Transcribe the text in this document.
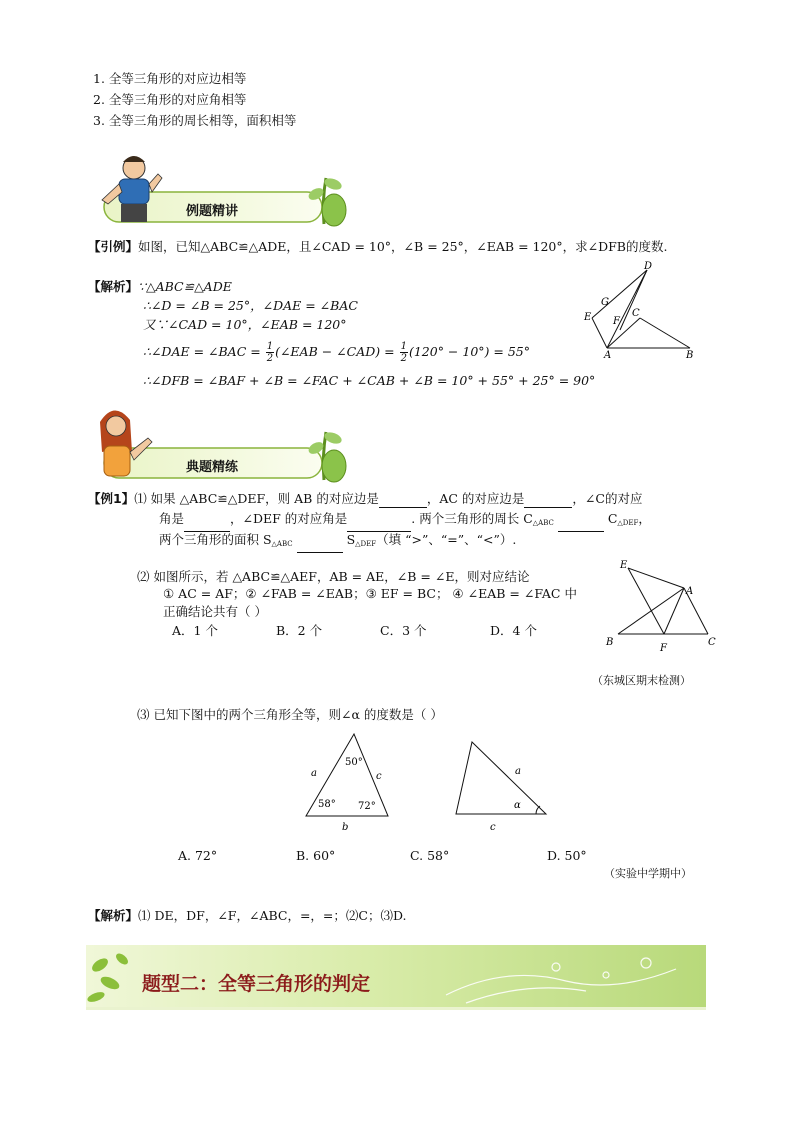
1. 全等三角形的对应边相等
2. 全等三角形的对应角相等
3. 全等三角形的周长相等，面积相等
例题精讲
【引例】如图，已知△ABC≌△ADE，且∠CAD = 10°，∠B = 25°，∠EAB = 120°，求∠DFB的度数.
【解析】∵△ABC≌△ADE
∴∠D = ∠B = 25°，∠DAE = ∠BAC
又∵∠CAD = 10°，∠EAB = 120°
∴∠DAE = ∠BAC = $\frac{1}{2}$ (∠EAB − ∠CAD) = $\frac{1}{2} (120^\circ - 10^\circ) = 55^\circ$
∴∠DFB = ∠BAF + ∠B = ∠FAC + ∠CAB + ∠B = 10° + 55° + 25° = 90°
D
G
E F
C
A	B
典题精练
【例1】⑴ 如果 △ABC≌△DEF，则 AB 的对应边是	，AC 的对应边是	，∠C的对应
角是	，∠DEF 的对应角是	. 两个三角形的周长 $C_{\triangle ABC}$	$C_{\triangle DEF}$，
两个三角形的面积 $S_{\triangle ABC}$	$S_{\triangle DEF}$（填 “>”、“=”、“<”）.
⑵ 如图所示，若 △ABC≌△AEF，AB = AE，∠B = ∠E，则对应结论
① AC = AF；② ∠FAB = ∠EAB；③ EF = BC； ④ ∠EAB = ∠FAC 中
正确结论共有（ ）
A．1 个	B．2 个	C．3 个	D．4 个
（东城区期末检测）
E
A
B
F
C
⑶ 已知下图中的两个三角形全等，则∠α 的度数是（ ）
a	c
b
50°
58° 72°
a
c
α
A. 72°	B. 60°	C. 58°	D. 50°
（实验中学期中）
【解析】⑴ DE，DF，∠F，∠ABC，=，=；⑵C；⑶D.
题型二：全等三角形的判定
